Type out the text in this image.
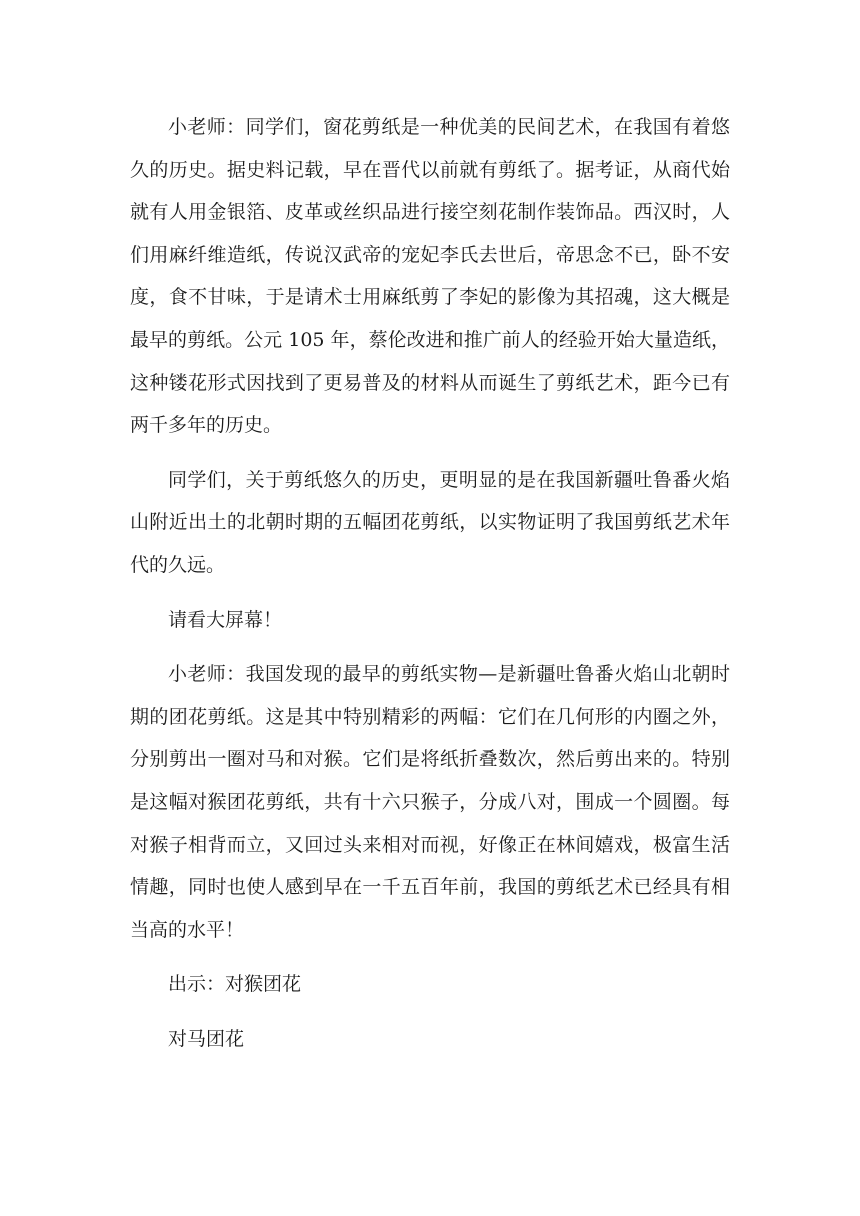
小老师：同学们，窗花剪纸是一种优美的民间艺术，在我国有着悠久的历史。据史料记载，早在晋代以前就有剪纸了。据考证，从商代始就有人用金银箔、皮革或丝织品进行接空刻花制作装饰品。西汉时，人们用麻纤维造纸，传说汉武帝的宠妃李氏去世后，帝思念不已，卧不安度，食不甘味，于是请术士用麻纸剪了李妃的影像为其招魂，这大概是最早的剪纸。公元 105 年，蔡伦改进和推广前人的经验开始大量造纸，这种镂花形式因找到了更易普及的材料从而诞生了剪纸艺术，距今已有两千多年的历史。

同学们，关于剪纸悠久的历史，更明显的是在我国新疆吐鲁番火焰山附近出土的北朝时期的五幅团花剪纸，以实物证明了我国剪纸艺术年代的久远。

请看大屏幕！

小老师：我国发现的最早的剪纸实物—是新疆吐鲁番火焰山北朝时期的团花剪纸。这是其中特别精彩的两幅：它们在几何形的内圈之外，分别剪出一圈对马和对猴。它们是将纸折叠数次，然后剪出来的。特别是这幅对猴团花剪纸，共有十六只猴子，分成八对，围成一个圆圈。每对猴子相背而立，又回过头来相对而视，好像正在林间嬉戏，极富生活情趣，同时也使人感到早在一千五百年前，我国的剪纸艺术已经具有相当高的水平！

出示：对猴团花

对马团花
